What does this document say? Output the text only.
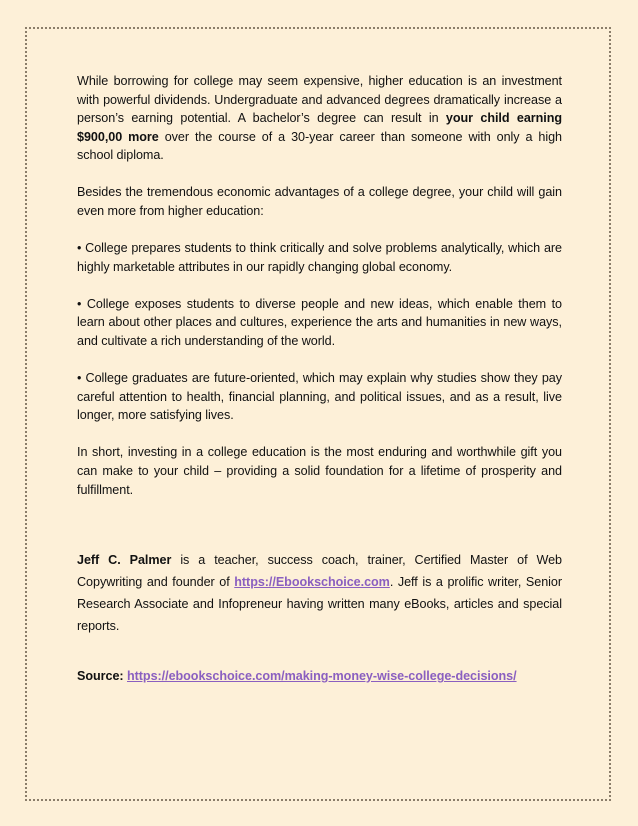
While borrowing for college may seem expensive, higher education is an investment with powerful dividends. Undergraduate and advanced degrees dramatically increase a person’s earning potential. A bachelor’s degree can result in your child earning $900,00 more over the course of a 30-year career than someone with only a high school diploma.

Besides the tremendous economic advantages of a college degree, your child will gain even more from higher education:

• College prepares students to think critically and solve problems analytically, which are highly marketable attributes in our rapidly changing global economy.

• College exposes students to diverse people and new ideas, which enable them to learn about other places and cultures, experience the arts and humanities in new ways, and cultivate a rich understanding of the world.

• College graduates are future-oriented, which may explain why studies show they pay careful attention to health, financial planning, and political issues, and as a result, live longer, more satisfying lives.

In short, investing in a college education is the most enduring and worthwhile gift you can make to your child – providing a solid foundation for a lifetime of prosperity and fulfillment.

Jeff C. Palmer is a teacher, success coach, trainer, Certified Master of Web Copywriting and founder of https://Ebookschoice.com. Jeff is a prolific writer, Senior Research Associate and Infopreneur having written many eBooks, articles and special reports.

Source: https://ebookschoice.com/making-money-wise-college-decisions/
